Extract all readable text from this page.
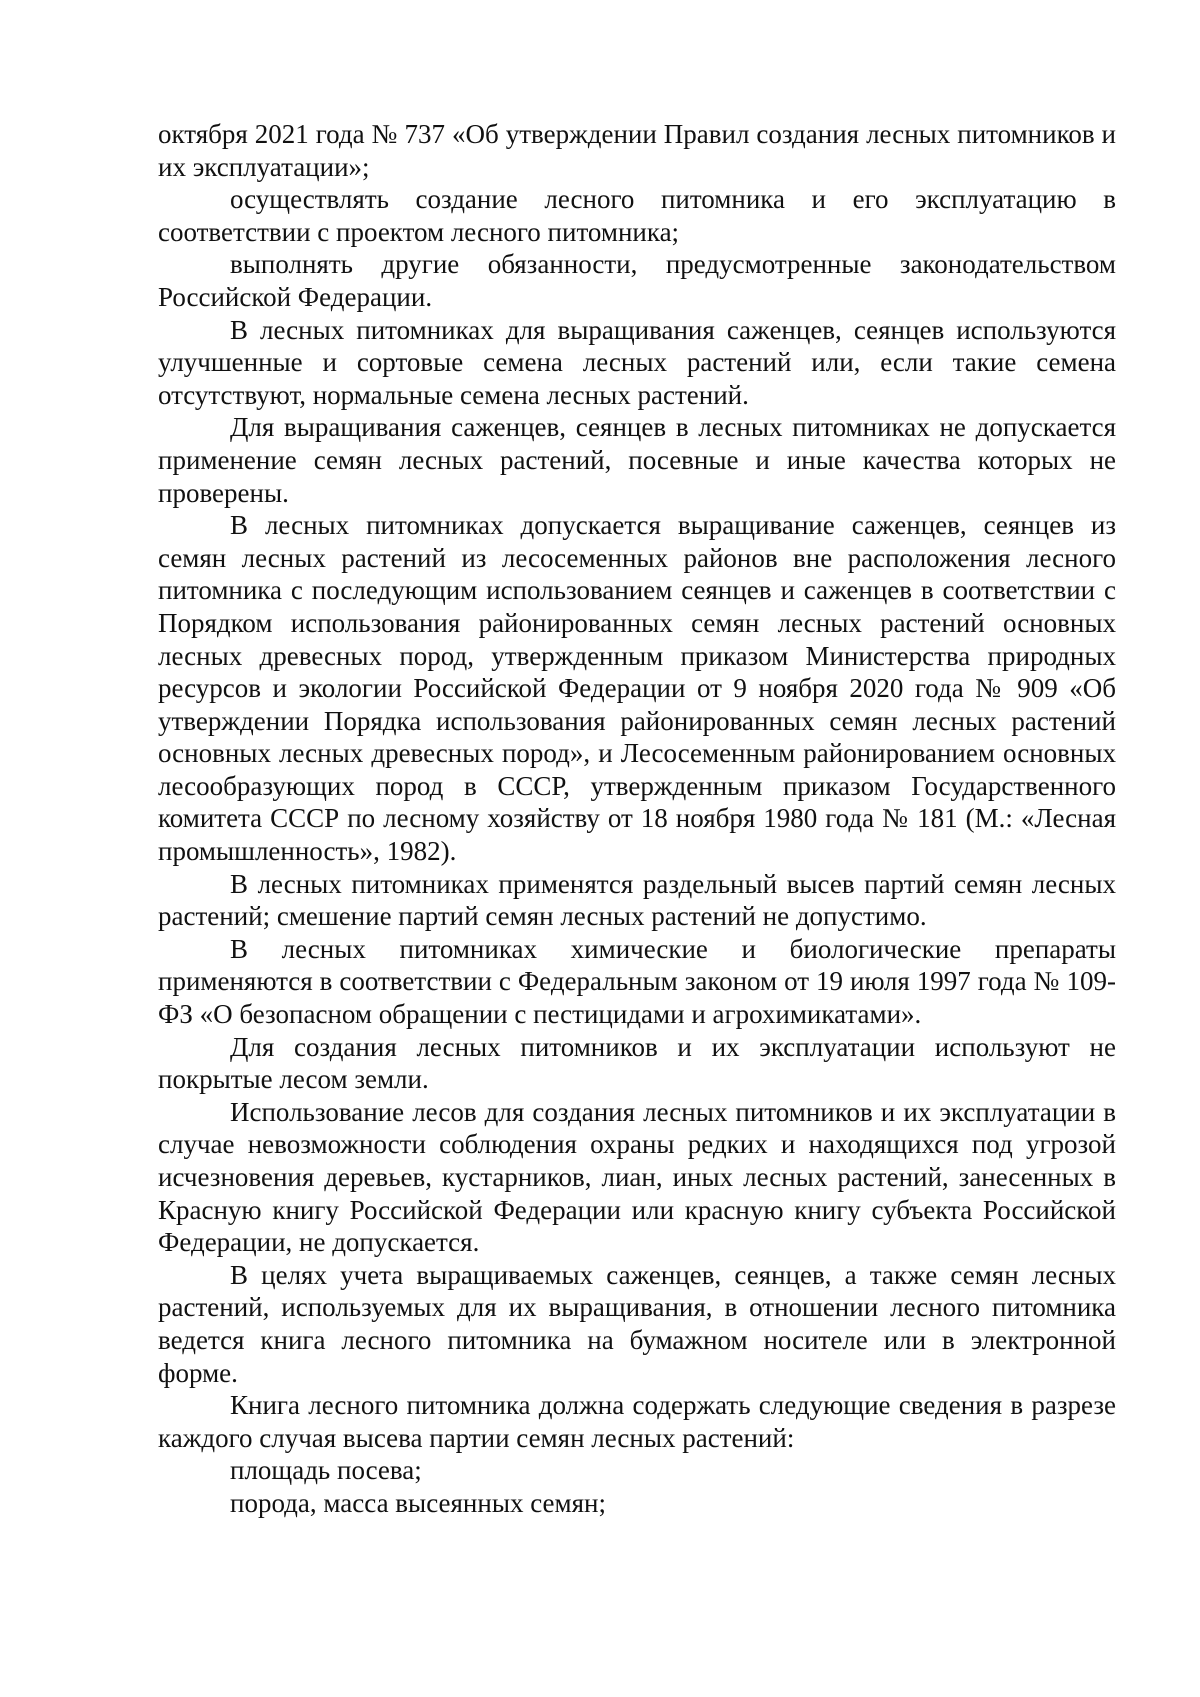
октября 2021 года № 737 «Об утверждении Правил создания лесных питомников и их эксплуатации»;

осуществлять создание лесного питомника и его эксплуатацию в соответствии с проектом лесного питомника;

выполнять другие обязанности, предусмотренные законодательством Российской Федерации.

В лесных питомниках для выращивания саженцев, сеянцев используются улучшенные и сортовые семена лесных растений или, если такие семена отсутствуют, нормальные семена лесных растений.

Для выращивания саженцев, сеянцев в лесных питомниках не допускается применение семян лесных растений, посевные и иные качества которых не проверены.

В лесных питомниках допускается выращивание саженцев, сеянцев из семян лесных растений из лесосеменных районов вне расположения лесного питомника с последующим использованием сеянцев и саженцев в соответствии с Порядком использования районированных семян лесных растений основных лесных древесных пород, утвержденным приказом Министерства природных ресурсов и экологии Российской Федерации от 9 ноября 2020 года № 909 «Об утверждении Порядка использования районированных семян лесных растений основных лесных древесных пород», и Лесосеменным районированием основных лесообразующих пород в СССР, утвержденным приказом Государственного комитета СССР по лесному хозяйству от 18 ноября 1980 года № 181 (М.: «Лесная промышленность», 1982).

В лесных питомниках применятся раздельный высев партий семян лесных растений; смешение партий семян лесных растений не допустимо.

В лесных питомниках химические и биологические препараты применяются в соответствии с Федеральным законом от 19 июля 1997 года № 109-ФЗ «О безопасном обращении с пестицидами и агрохимикатами».

Для создания лесных питомников и их эксплуатации используют не покрытые лесом земли.

Использование лесов для создания лесных питомников и их эксплуатации в случае невозможности соблюдения охраны редких и находящихся под угрозой исчезновения деревьев, кустарников, лиан, иных лесных растений, занесенных в Красную книгу Российской Федерации или красную книгу субъекта Российской Федерации, не допускается.

В целях учета выращиваемых саженцев, сеянцев, а также семян лесных растений, используемых для их выращивания, в отношении лесного питомника ведется книга лесного питомника на бумажном носителе или в электронной форме.

Книга лесного питомника должна содержать следующие сведения в разрезе каждого случая высева партии семян лесных растений:

площадь посева;

порода, масса высеянных семян;
